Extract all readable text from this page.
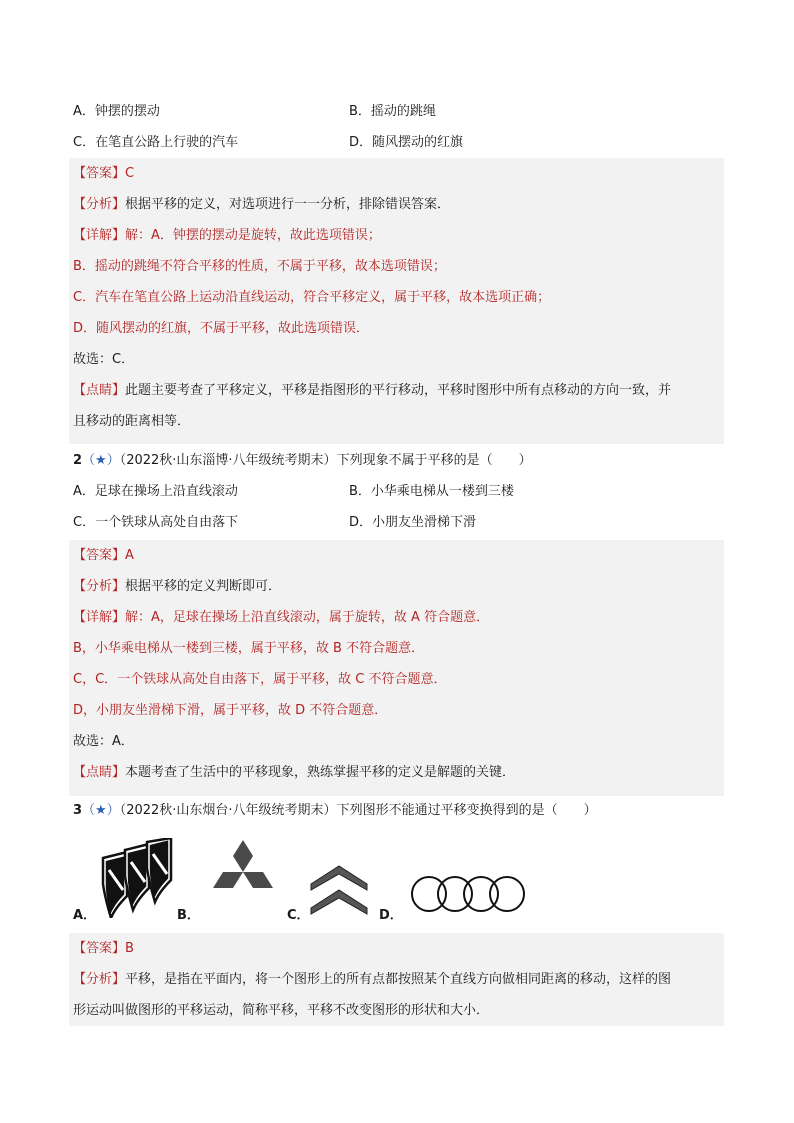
A．钟摆的摆动	B．摇动的跳绳
C．在笔直公路上行驶的汽车	D．随风摆动的红旗
【答案】C
【分析】根据平移的定义，对选项进行一一分析，排除错误答案．
【详解】解：A．钟摆的摆动是旋转，故此选项错误；
B．摇动的跳绳不符合平移的性质，不属于平移，故本选项错误；
C．汽车在笔直公路上运动沿直线运动，符合平移定义，属于平移，故本选项正确；
D．随风摆动的红旗，不属于平移，故此选项错误．
故选：C．
【点睛】此题主要考查了平移定义，平移是指图形的平行移动，平移时图形中所有点移动的方向一致，并
且移动的距离相等．
2（★）（2022秋·山东淄博·八年级统考期末）下列现象不属于平移的是（　　）
A．足球在操场上沿直线滚动	B．小华乘电梯从一楼到三楼
C．一个铁球从高处自由落下	D．小朋友坐滑梯下滑
【答案】A
【分析】根据平移的定义判断即可．
【详解】解：A，足球在操场上沿直线滚动，属于旋转，故 A 符合题意．
B，小华乘电梯从一楼到三楼，属于平移，故 B 不符合题意．
C，C．一个铁球从高处自由落下，属于平移，故 C 不符合题意．
D，小朋友坐滑梯下滑，属于平移，故 D 不符合题意．
故选：A．
【点睛】本题考查了生活中的平移现象，熟练掌握平移的定义是解题的关键．
3（★）（2022秋·山东烟台·八年级统考期末）下列图形不能通过平移变换得到的是（　　）
A．	B．	C．	D．
【答案】B
【分析】平移，是指在平面内，将一个图形上的所有点都按照某个直线方向做相同距离的移动，这样的图
形运动叫做图形的平移运动，简称平移，平移不改变图形的形状和大小．
